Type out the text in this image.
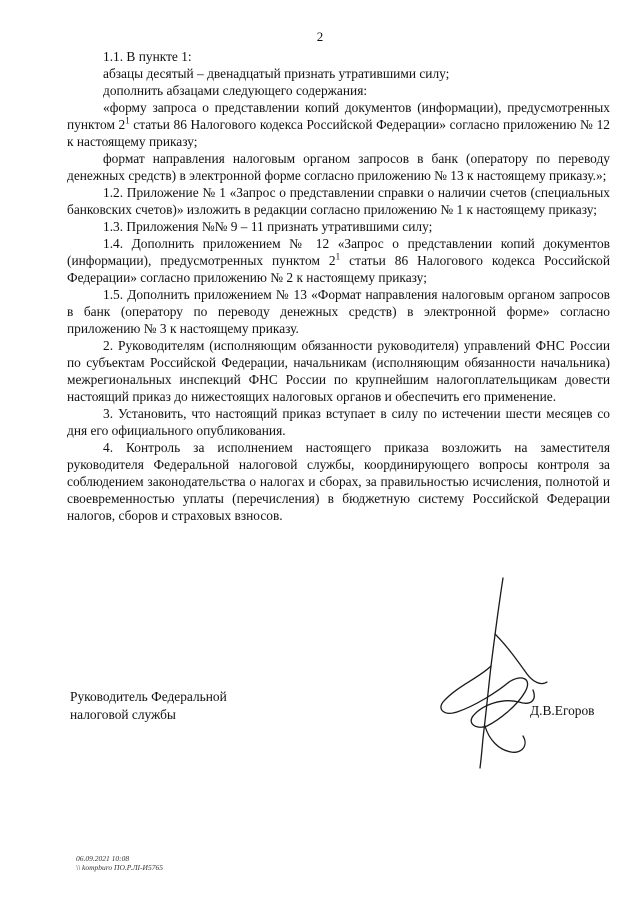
2

1.1. В пункте 1:

абзацы десятый – двенадцатый признать утратившими силу;

дополнить абзацами следующего содержания:

«форму запроса о представлении копий документов (информации), предусмотренных пунктом $2^1$ статьи 86 Налогового кодекса Российской Федерации» согласно приложению № 12 к настоящему приказу;

формат направления налоговым органом запросов в банк (оператору по переводу денежных средств) в электронной форме согласно приложению № 13 к настоящему приказу.»;

1.2. Приложение № 1 «Запрос о представлении справки о наличии счетов (специальных банковских счетов)» изложить в редакции согласно приложению № 1 к настоящему приказу;

1.3. Приложения №№ 9 – 11 признать утратившими силу;

1.4. Дополнить приложением № 12 «Запрос о представлении копий документов (информации), предусмотренных пунктом $2^1$ статьи 86 Налогового кодекса Российской Федерации» согласно приложению № 2 к настоящему приказу;

1.5. Дополнить приложением № 13 «Формат направления налоговым органом запросов в банк (оператору по переводу денежных средств) в электронной форме» согласно приложению № 3 к настоящему приказу.

2. Руководителям (исполняющим обязанности руководителя) управлений ФНС России по субъектам Российской Федерации, начальникам (исполняющим обязанности начальника) межрегиональных инспекций ФНС России по крупнейшим налогоплательщикам довести настоящий приказ до нижестоящих налоговых органов и обеспечить его применение.

3. Установить, что настоящий приказ вступает в силу по истечении шести месяцев со дня его официального опубликования.

4. Контроль за исполнением настоящего приказа возложить на заместителя руководителя Федеральной налоговой службы, координирующего вопросы контроля за соблюдением законодательства о налогах и сборах, за правильностью исчисления, полнотой и своевременностью уплаты (перечисления) в бюджетную систему Российской Федерации налогов, сборов и страховых взносов.

Руководитель Федеральной
налоговой службы	Д.В.Егоров
06.09.2021 10:08
\\ kompburo ПО.Р.ЛІ-И5765
